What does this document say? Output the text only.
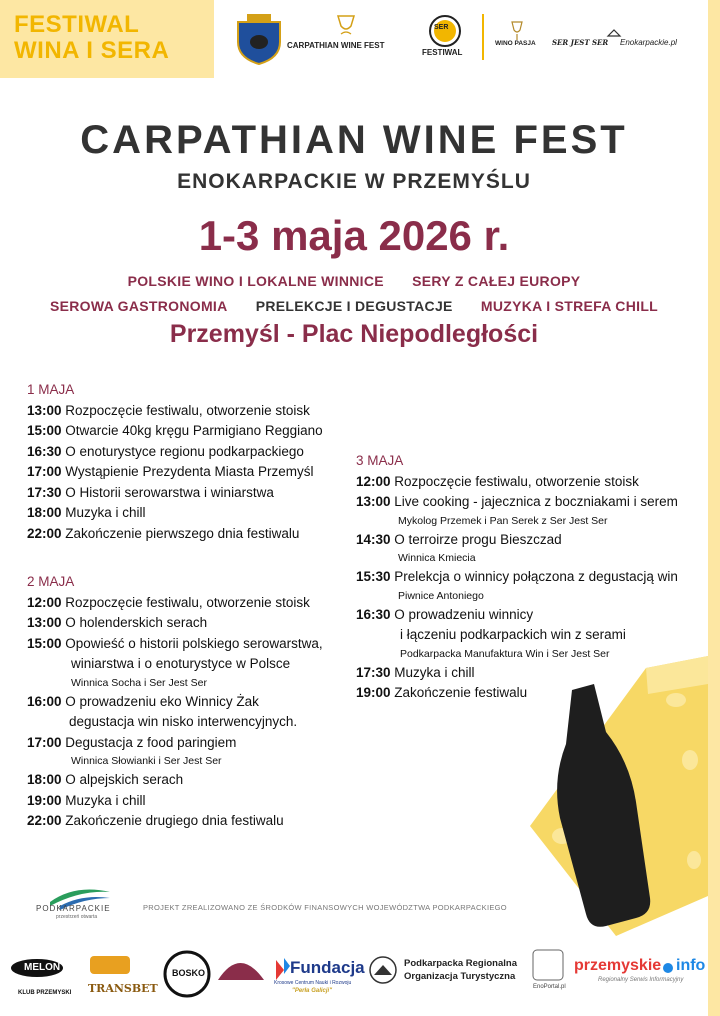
FESTIWAL
WINA I SERA	CARPATHIAN WINE FEST
SER
FESTIWAL
WINO PASJA SER JEST SER Enokarpackie.pl
CARPATHIAN WINE FEST
ENOKARPACKIE W PRZEMYŚLU
1-3 maja 2026 r.
POLSKIE WINO I LOKALNE WINNICE SERY Z CAŁEJ EUROPY
SEROWA GASTRONOMIA PRELEKCJE I DEGUSTACJE MUZYKA I STREFA CHILL
Przemyśl - Plac Niepodległości
1 MAJA
13:00 Rozpoczęcie festiwalu, otworzenie stoisk
15:00 Otwarcie 40kg kręgu Parmigiano Reggiano
16:30 O enoturystyce regionu podkarpackiego
17:00 Wystąpienie Prezydenta Miasta Przemyśl
17:30 O Historii serowarstwa i winiarstwa
18:00 Muzyka i chill
22:00 Zakończenie pierwszego dnia festiwalu
2 MAJA
12:00 Rozpoczęcie festiwalu, otworzenie stoisk
13:00 O holenderskich serach
15:00 Opowieść o historii polskiego serowarstwa,
winiarstwa i o enoturystyce w Polsce
Winnica Socha i Ser Jest Ser
16:00 O prowadzeniu eko Winnicy Żak
degustacja win nisko interwencyjnych.
17:00 Degustacja z food paringiem
Winnica Słowianki i Ser Jest Ser
18:00 O alpejskich serach
19:00 Muzyka i chill
22:00 Zakończenie drugiego dnia festiwalu
3 MAJA
12:00 Rozpoczęcie festiwalu, otworzenie stoisk
13:00 Live cooking - jajecznica z boczniakami i serem
Mykolog Przemek i Pan Serek z Ser Jest Ser
14:30 O terroirze progu Bieszczad
Winnica Kmiecia
15:30 Prelekcja o winnicy połączona z degustacją win
Piwnice Antoniego
16:30 O prowadzeniu winnicy
i łączeniu podkarpackich win z serami
Podkarpacka Manufaktura Win i Ser Jest Ser
17:30 Muzyka i chill
19:00 Zakończenie festiwalu
PODKARPACKIE
przestrzeń otwarta
PROJEKT ZREALIZOWANO ZE ŚRODKÓW FINANSOWYCH WOJEWÓDZTWA PODKARPACKIEGO
MELON
KLUB PRZEMYSKI TRANSBET
BOSKO	Fundacja
Krosowe Centrum Nauki i Rozwoju
"Perła Galicji"
Podkarpacka Regionalna
Organizacja Turystyczna
EnoPortal.pl
przemyskie info
Regionalny Serwis Informacyjny
